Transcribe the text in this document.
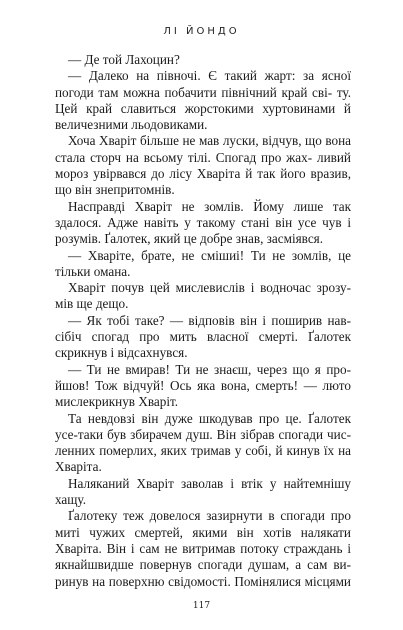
ЛІ ЙОНДО

— Де той Лахоцин?

— Далеко на півночі. Є такий жарт: за ясної погоди там можна побачити північний край сві- ту. Цей край славиться жорстокими хуртовинами й величезними льодовиками.

Хоча Хваріт більше не мав луски, відчув, що вона стала сторч на всьому тілі. Спогад про жах- ливий мороз увірвався до лісу Хваріта й так його вразив, що він знепритомнів.

Насправді Хваріт не зомлів. Йому лише так здалося. Адже навіть у такому стані він усе чув і розумів. Ґалотек, який це добре знав, засміявся.

— Хваріте, брате, не смішиі! Ти не зомлів, це тільки омана.

Хваріт почув цей мислевислів і водночас зрозу- мів ще дещо.

— Як тобі таке? — відповів він і поширив нав- сібіч спогад про мить власної смерті. Ґалотек скрикнув і відсахнувся.

— Ти не вмирав! Ти не знаєш, через що я про- йшов! Тож відчуй! Ось яка вона, смерть! — люто мислекрикнув Хваріт.

Та невдовзі він дуже шкодував про це. Ґалотек усе-таки був збирачем душ. Він зібрав спогади чис- ленних померлих, яких тримав у собі, й кинув їх на Хваріта.

Наляканий Хваріт заволав і втік у найтемнішу хащу.

Ґалотеку теж довелося зазирнути в спогади про миті чужих смертей, якими він хотів налякати Хваріта. Він і сам не витримав потоку страждань і якнайшвидше повернув спогади душам, а сам ви- ринув на поверхню свідомості. Помінялися місцями

117
